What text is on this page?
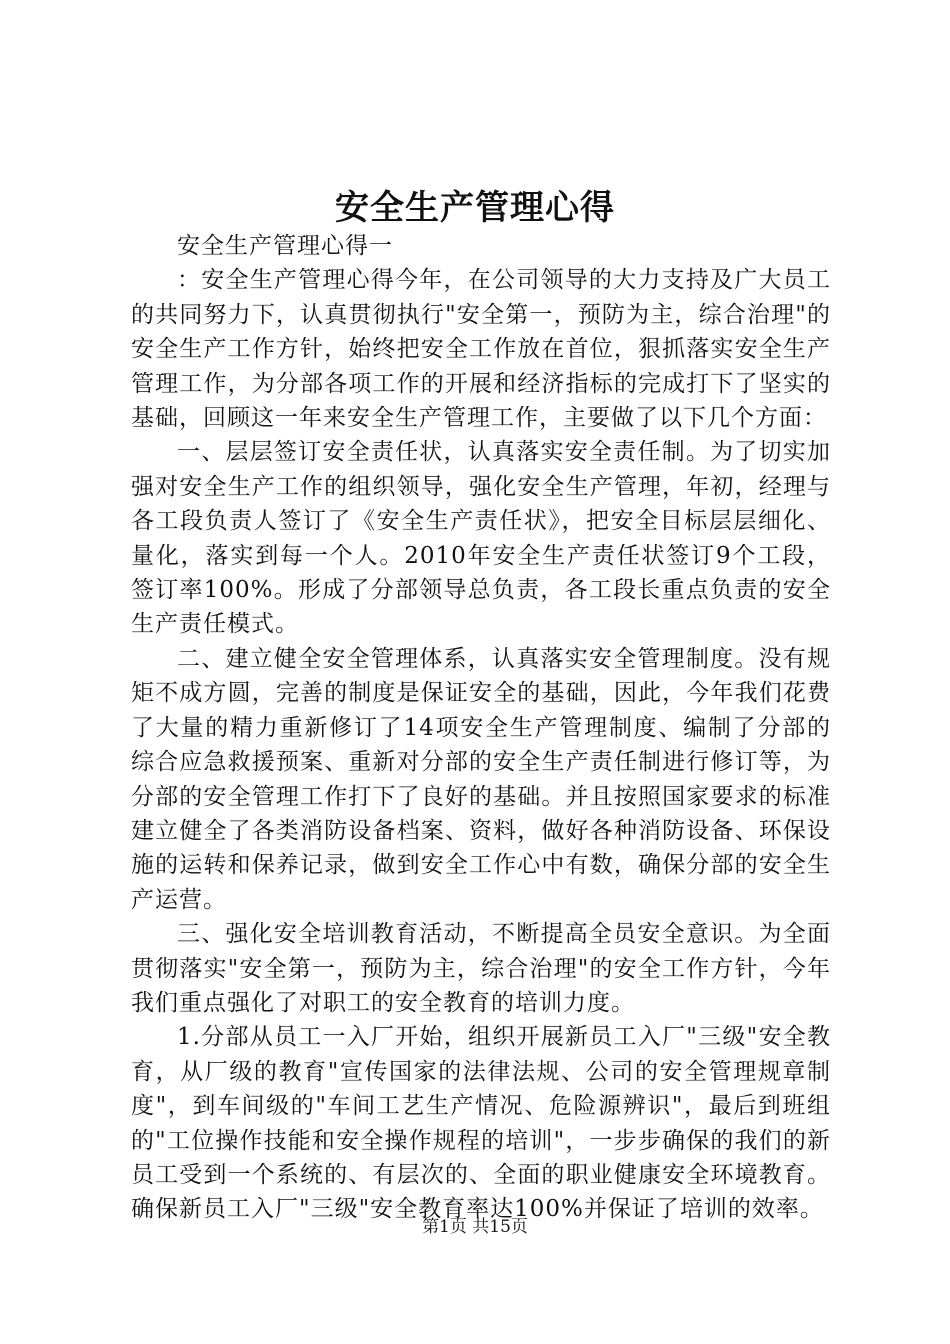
安全生产管理心得

安全生产管理心得一

：安全生产管理心得今年，在公司领导的大力支持及广大员工的共同努力下，认真贯彻执行"安全第一，预防为主，综合治理"的安全生产工作方针，始终把安全工作放在首位，狠抓落实安全生产管理工作，为分部各项工作的开展和经济指标的完成打下了坚实的基础，回顾这一年来安全生产管理工作，主要做了以下几个方面：

一、层层签订安全责任状，认真落实安全责任制。为了切实加强对安全生产工作的组织领导，强化安全生产管理，年初，经理与各工段负责人签订了《安全生产责任状》，把安全目标层层细化、量化，落实到每一个人。2010年安全生产责任状签订9个工段，签订率100%。形成了分部领导总负责，各工段长重点负责的安全生产责任模式。

二、建立健全安全管理体系，认真落实安全管理制度。没有规矩不成方圆，完善的制度是保证安全的基础，因此，今年我们花费了大量的精力重新修订了14项安全生产管理制度、编制了分部的综合应急救援预案、重新对分部的安全生产责任制进行修订等，为分部的安全管理工作打下了良好的基础。并且按照国家要求的标准建立健全了各类消防设备档案、资料，做好各种消防设备、环保设施的运转和保养记录，做到安全工作心中有数，确保分部的安全生产运营。

三、强化安全培训教育活动，不断提高全员安全意识。为全面贯彻落实"安全第一，预防为主，综合治理"的安全工作方针，今年我们重点强化了对职工的安全教育的培训力度。

1.分部从员工一入厂开始，组织开展新员工入厂"三级"安全教育，从厂级的教育"宣传国家的法律法规、公司的安全管理规章制度"，到车间级的"车间工艺生产情况、危险源辨识"，最后到班组的"工位操作技能和安全操作规程的培训"，一步步确保的我们的新员工受到一个系统的、有层次的、全面的职业健康安全环境教育。确保新员工入厂"三级"安全教育率达100%并保证了培训的效率。

第1页 共15页
